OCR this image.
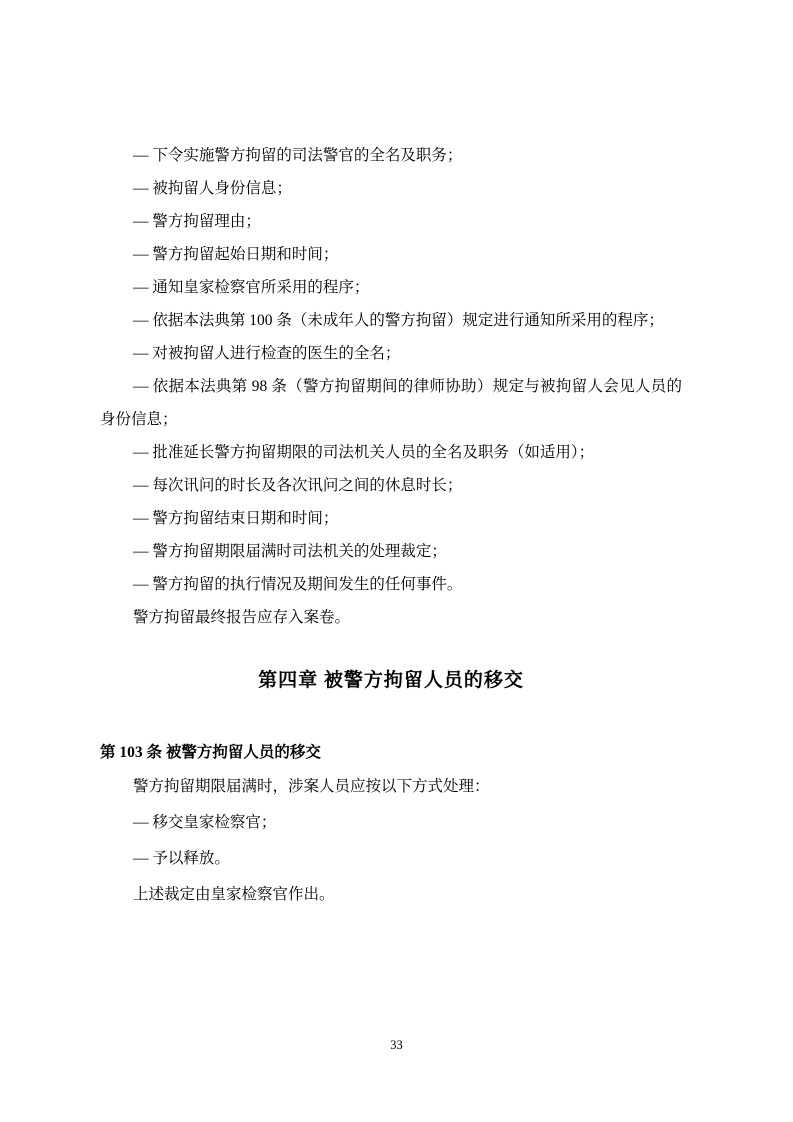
— 下令实施警方拘留的司法警官的全名及职务；

— 被拘留人身份信息；

— 警方拘留理由；

— 警方拘留起始日期和时间；

— 通知皇家检察官所采用的程序；

— 依据本法典第 100 条（未成年人的警方拘留）规定进行通知所采用的程序；

— 对被拘留人进行检查的医生的全名；

— 依据本法典第 98 条（警方拘留期间的律师协助）规定与被拘留人会见人员的身份信息；

— 批准延长警方拘留期限的司法机关人员的全名及职务（如适用）；

— 每次讯问的时长及各次讯问之间的休息时长；

— 警方拘留结束日期和时间；

— 警方拘留期限届满时司法机关的处理裁定；

— 警方拘留的执行情况及期间发生的任何事件。

警方拘留最终报告应存入案卷。

第四章 被警方拘留人员的移交
第 103 条 被警方拘留人员的移交

警方拘留期限届满时，涉案人员应按以下方式处理：

— 移交皇家检察官；

— 予以释放。

上述裁定由皇家检察官作出。

33
